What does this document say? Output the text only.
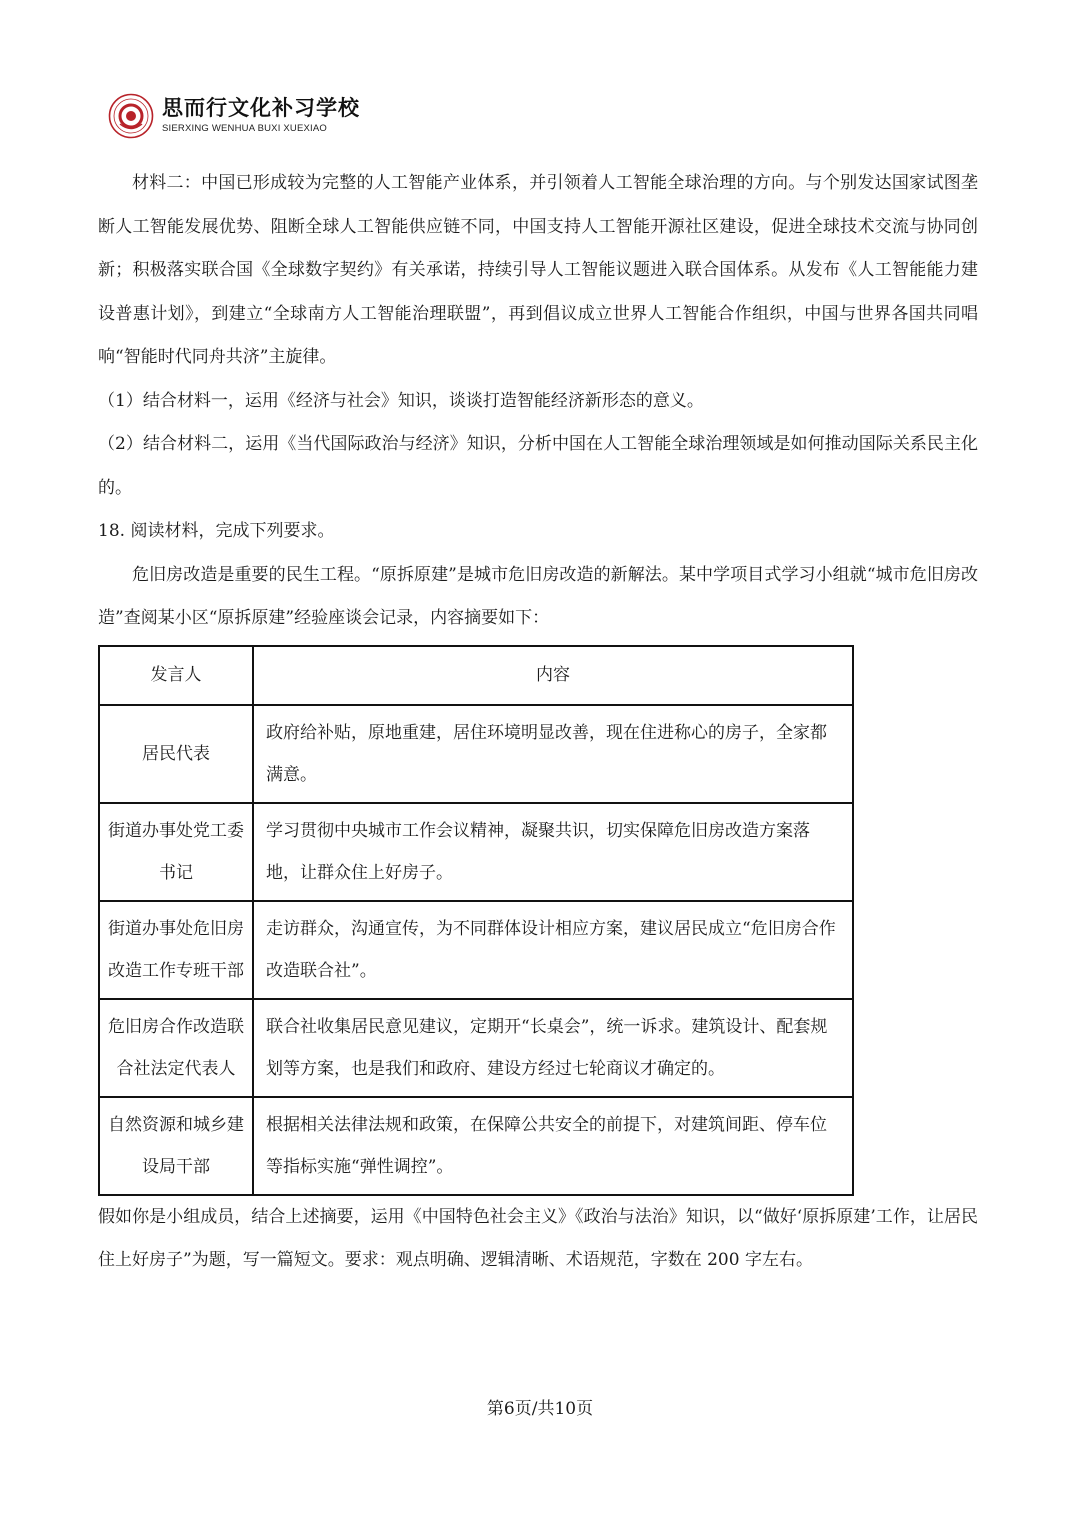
思而行文化补习学校
SIERXING WENHUA BUXI XUEXIAO

材料二：中国已形成较为完整的人工智能产业体系，并引领着人工智能全球治理的方向。与个别发达国家试图垄断人工智能发展优势、阻断全球人工智能供应链不同，中国支持人工智能开源社区建设，促进全球技术交流与协同创新；积极落实联合国《全球数字契约》有关承诺，持续引导人工智能议题进入联合国体系。从发布《人工智能能力建设普惠计划》，到建立“全球南方人工智能治理联盟”，再到倡议成立世界人工智能合作组织，中国与世界各国共同唱响“智能时代同舟共济”主旋律。

（1）结合材料一，运用《经济与社会》知识，谈谈打造智能经济新形态的意义。

（2）结合材料二，运用《当代国际政治与经济》知识，分析中国在人工智能全球治理领域是如何推动国际关系民主化的。

18. 阅读材料，完成下列要求。

危旧房改造是重要的民生工程。“原拆原建”是城市危旧房改造的新解法。某中学项目式学习小组就“城市危旧房改造”查阅某小区“原拆原建”经验座谈会记录，内容摘要如下：

发言人	内容
居民代表	政府给补贴，原地重建，居住环境明显改善，现在住进称心的房子，全家都满意。
街道办事处党工委书记	学习贯彻中央城市工作会议精神，凝聚共识，切实保障危旧房改造方案落地，让群众住上好房子。
街道办事处危旧房改造工作专班干部	走访群众，沟通宣传，为不同群体设计相应方案，建议居民成立“危旧房合作改造联合社”。
危旧房合作改造联合社法定代表人	联合社收集居民意见建议，定期开“长桌会”，统一诉求。建筑设计、配套规划等方案，也是我们和政府、建设方经过七轮商议才确定的。
自然资源和城乡建设局干部	根据相关法律法规和政策，在保障公共安全的前提下，对建筑间距、停车位等指标实施“弹性调控”。

假如你是小组成员，结合上述摘要，运用《中国特色社会主义》《政治与法治》知识，以“做好‘原拆原建’工作，让居民住上好房子”为题，写一篇短文。要求：观点明确、逻辑清晰、术语规范，字数在 200 字左右。

第6页/共10页
